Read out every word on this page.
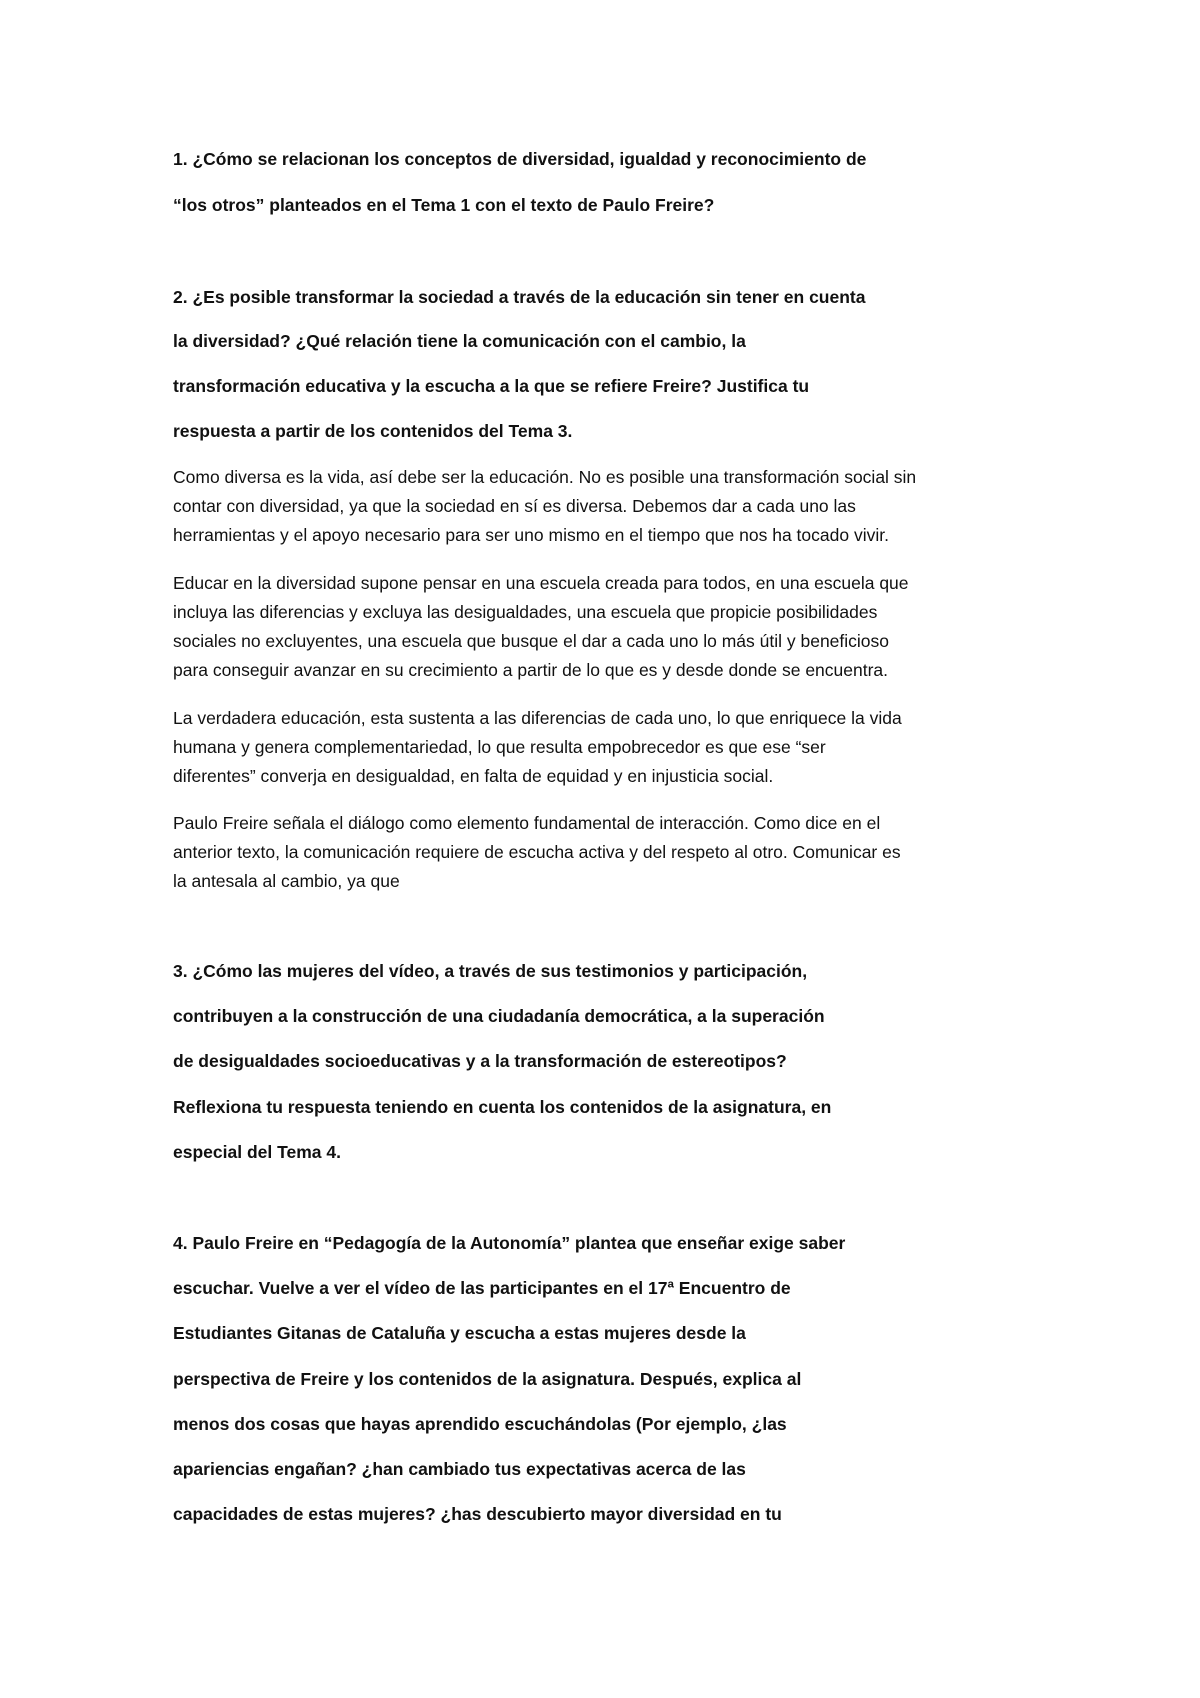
1. ¿Cómo se relacionan los conceptos de diversidad, igualdad y reconocimiento de
“los otros” planteados en el Tema 1 con el texto de Paulo Freire?
2. ¿Es posible transformar la sociedad a través de la educación sin tener en cuenta
la diversidad? ¿Qué relación tiene la comunicación con el cambio, la
transformación educativa y la escucha a la que se refiere Freire? Justifica tu
respuesta a partir de los contenidos del Tema 3.
Como diversa es la vida, así debe ser la educación. No es posible una transformación social sin
contar con diversidad, ya que la sociedad en sí es diversa. Debemos dar a cada uno las
herramientas y el apoyo necesario para ser uno mismo en el tiempo que nos ha tocado vivir.
Educar en la diversidad supone pensar en una escuela creada para todos, en una escuela que
incluya las diferencias y excluya las desigualdades, una escuela que propicie posibilidades
sociales no excluyentes, una escuela que busque el dar a cada uno lo más útil y beneficioso
para conseguir avanzar en su crecimiento a partir de lo que es y desde donde se encuentra.
La verdadera educación, esta sustenta a las diferencias de cada uno, lo que enriquece la vida
humana y genera complementariedad, lo que resulta empobrecedor es que ese “ser
diferentes” converja en desigualdad, en falta de equidad y en injusticia social.
Paulo Freire señala el diálogo como elemento fundamental de interacción. Como dice en el
anterior texto, la comunicación requiere de escucha activa y del respeto al otro. Comunicar es
la antesala al cambio, ya que
3. ¿Cómo las mujeres del vídeo, a través de sus testimonios y participación,
contribuyen a la construcción de una ciudadanía democrática, a la superación
de desigualdades socioeducativas y a la transformación de estereotipos?
Reflexiona tu respuesta teniendo en cuenta los contenidos de la asignatura, en
especial del Tema 4.
4. Paulo Freire en “Pedagogía de la Autonomía” plantea que enseñar exige saber
escuchar. Vuelve a ver el vídeo de las participantes en el 17ª Encuentro de
Estudiantes Gitanas de Cataluña y escucha a estas mujeres desde la
perspectiva de Freire y los contenidos de la asignatura. Después, explica al
menos dos cosas que hayas aprendido escuchándolas (Por ejemplo, ¿las
apariencias engañan? ¿han cambiado tus expectativas acerca de las
capacidades de estas mujeres? ¿has descubierto mayor diversidad en tu
